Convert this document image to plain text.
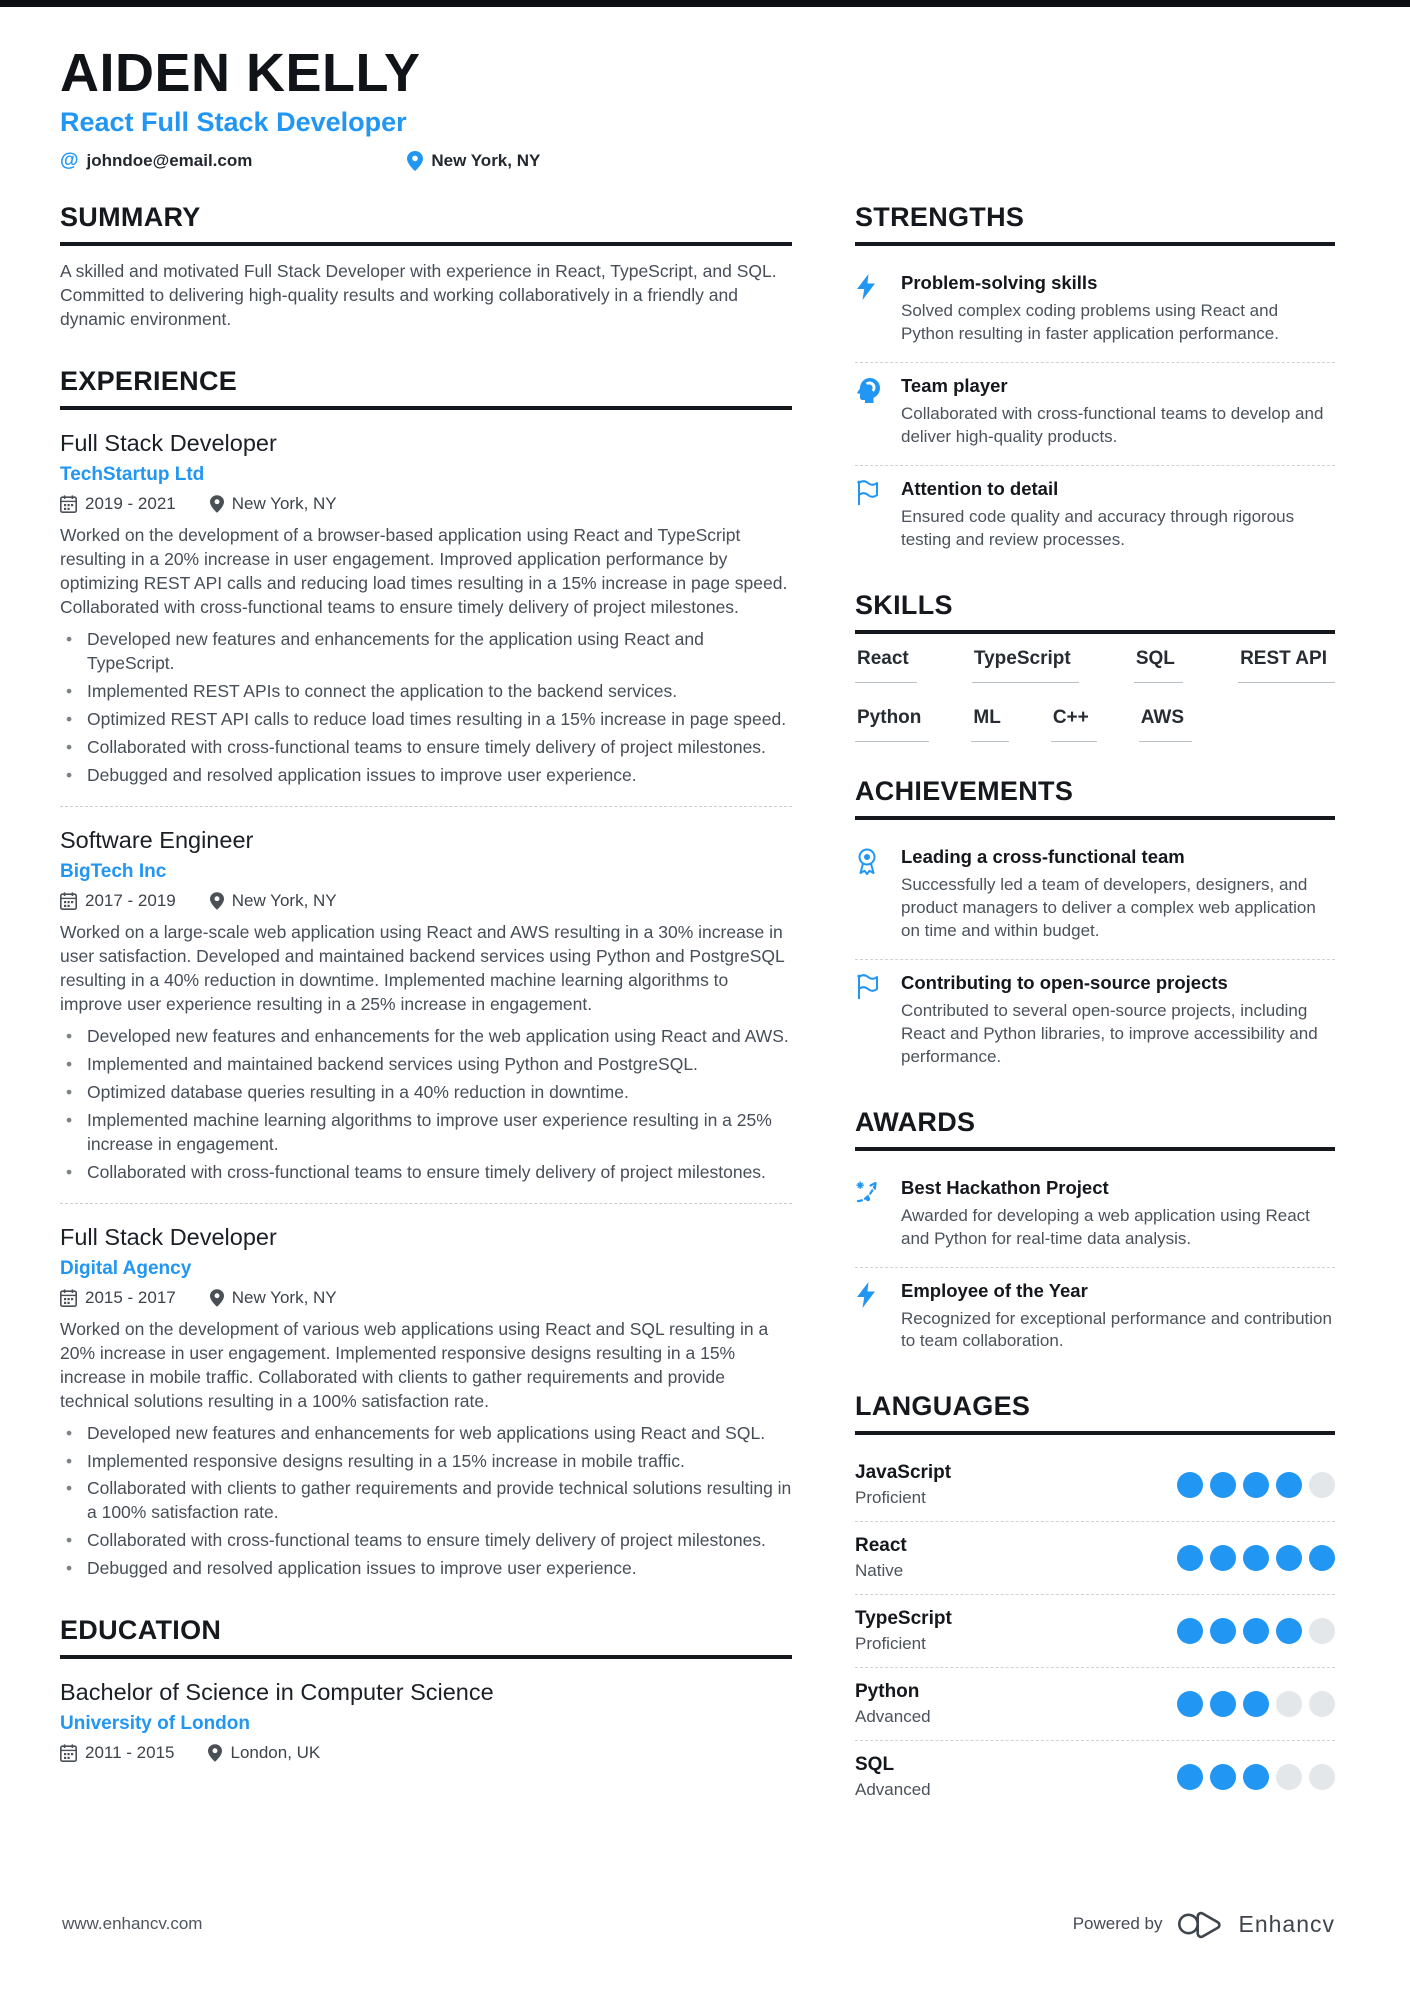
AIDEN KELLY
React Full Stack Developer
@ johndoe@email.com	New York, NY
SUMMARY

A skilled and motivated Full Stack Developer with experience in React, TypeScript, and SQL. Committed to delivering high-quality results and working collaboratively in a friendly and dynamic environment.

EXPERIENCE
Full Stack Developer
TechStartup Ltd
2019 - 2021	New York, NY

Worked on the development of a browser-based application using React and TypeScript resulting in a 20% increase in user engagement. Improved application performance by optimizing REST API calls and reducing load times resulting in a 15% increase in page speed. Collaborated with cross-functional teams to ensure timely delivery of project milestones.

• Developed new features and enhancements for the application using React and TypeScript.
• Implemented REST APIs to connect the application to the backend services.
• Optimized REST API calls to reduce load times resulting in a 15% increase in page speed.
• Collaborated with cross-functional teams to ensure timely delivery of project milestones.
• Debugged and resolved application issues to improve user experience.
Software Engineer
BigTech Inc
2017 - 2019	New York, NY

Worked on a large-scale web application using React and AWS resulting in a 30% increase in user satisfaction. Developed and maintained backend services using Python and PostgreSQL resulting in a 40% reduction in downtime. Implemented machine learning algorithms to improve user experience resulting in a 25% increase in engagement.

• Developed new features and enhancements for the web application using React and AWS.
• Implemented and maintained backend services using Python and PostgreSQL.
• Optimized database queries resulting in a 40% reduction in downtime.
• Implemented machine learning algorithms to improve user experience resulting in a 25% increase in engagement.
• Collaborated with cross-functional teams to ensure timely delivery of project milestones.
Full Stack Developer
Digital Agency
2015 - 2017	New York, NY

Worked on the development of various web applications using React and SQL resulting in a 20% increase in user engagement. Implemented responsive designs resulting in a 15% increase in mobile traffic. Collaborated with clients to gather requirements and provide technical solutions resulting in a 100% satisfaction rate.

• Developed new features and enhancements for web applications using React and SQL.
• Implemented responsive designs resulting in a 15% increase in mobile traffic.
• Collaborated with clients to gather requirements and provide technical solutions resulting in a 100% satisfaction rate.
• Collaborated with cross-functional teams to ensure timely delivery of project milestones.
• Debugged and resolved application issues to improve user experience.
EDUCATION
Bachelor of Science in Computer Science
University of London
2011 - 2015	London, UK
STRENGTHS
Problem-solving skills

Solved complex coding problems using React and Python resulting in faster application performance.

Team player

Collaborated with cross-functional teams to develop and deliver high-quality products.

Attention to detail

Ensured code quality and accuracy through rigorous testing and review processes.

SKILLS
React	TypeScript	SQL	REST API
Python	ML	C++	AWS
ACHIEVEMENTS
Leading a cross-functional team

Successfully led a team of developers, designers, and product managers to deliver a complex web application on time and within budget.

Contributing to open-source projects

Contributed to several open-source projects, including React and Python libraries, to improve accessibility and performance.

AWARDS
Best Hackathon Project

Awarded for developing a web application using React and Python for real-time data analysis.

Employee of the Year

Recognized for exceptional performance and contribution to team collaboration.

LANGUAGES
JavaScript
Proficient
React
Native
TypeScript
Proficient
Python
Advanced
SQL
Advanced
www.enhancv.com	Powered by	Enhancv
